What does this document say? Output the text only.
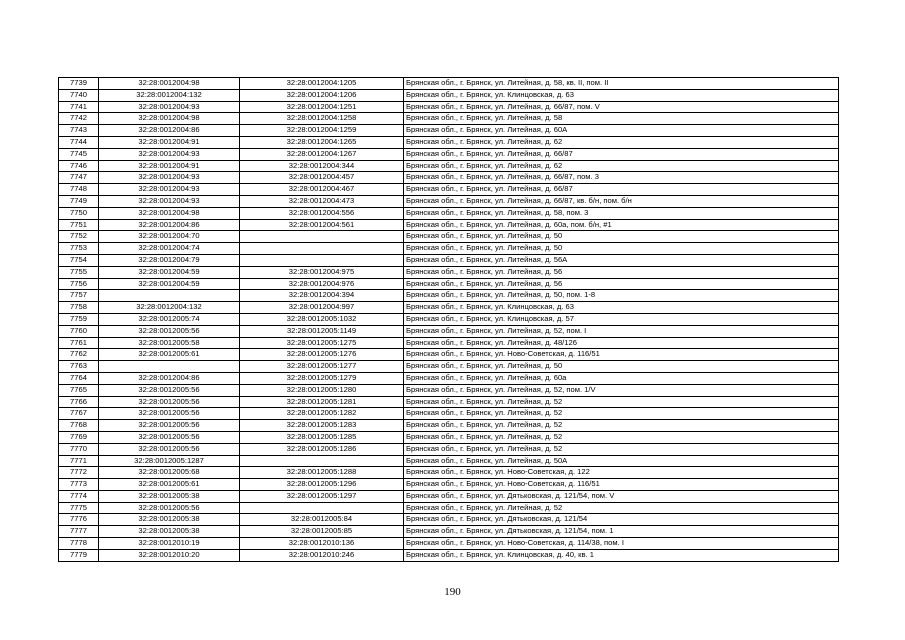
7739	32:28:0012004:98	32:28:0012004:1205	Брянская обл., г. Брянск, ул. Литейная, д. 58, кв. II, пом. II
7740	32:28:0012004:132	32:28:0012004:1206	Брянская обл., г. Брянск, ул. Клинцовская, д. 63
7741	32:28:0012004:93	32:28:0012004:1251	Брянская обл., г. Брянск, ул. Литейная, д. 66/87, пом. V
7742	32:28:0012004:98	32:28:0012004:1258	Брянская обл., г. Брянск, ул. Литейная, д. 58
7743	32:28:0012004:86	32:28:0012004:1259	Брянская обл., г. Брянск, ул. Литейная, д. 60А
7744	32:28:0012004:91	32:28:0012004:1265	Брянская обл., г. Брянск, ул. Литейная, д. 62
7745	32:28:0012004:93	32:28:0012004:1267	Брянская обл., г. Брянск, ул. Литейная, д. 66/87
7746	32:28:0012004:91	32:28:0012004:344	Брянская обл., г. Брянск, ул. Литейная, д. 62
7747	32:28:0012004:93	32:28:0012004:457	Брянская обл., г. Брянск, ул. Литейная, д. 66/87, пом. 3
7748	32:28:0012004:93	32:28:0012004:467	Брянская обл., г. Брянск, ул. Литейная, д. 66/87
7749	32:28:0012004:93	32:28:0012004:473	Брянская обл., г. Брянск, ул. Литейная, д. 66/87, кв. б/н, пом. б/н
7750	32:28:0012004:98	32:28:0012004:556	Брянская обл., г. Брянск, ул. Литейная, д. 58, пом. 3
7751	32:28:0012004:86	32:28:0012004:561	Брянская обл., г. Брянск, ул. Литейная, д. 60а, пом. б/н, #1
7752	32:28:0012004:70		Брянская обл., г. Брянск, ул. Литейная, д. 50
7753	32:28:0012004:74		Брянская обл., г. Брянск, ул. Литейная, д. 50
7754	32:28:0012004:79		Брянская обл., г. Брянск, ул. Литейная, д. 56А
7755	32:28:0012004:59	32:28:0012004:975	Брянская обл., г. Брянск, ул. Литейная, д. 56
7756	32:28:0012004:59	32:28:0012004:976	Брянская обл., г. Брянск, ул. Литейная, д. 56
7757		32:28:0012004:394	Брянская обл., г. Брянск, ул. Литейная, д. 50, пом. 1-8
7758	32:28:0012004:132	32:28:0012004:997	Брянская обл., г. Брянск, ул. Клинцовская, д. 63
7759	32:28:0012005:74	32:28:0012005:1032	Брянская обл., г. Брянск, ул. Клинцовская, д. 57
7760	32:28:0012005:56	32:28:0012005:1149	Брянская обл., г. Брянск, ул. Литейная, д. 52, пом. I
7761	32:28:0012005:58	32:28:0012005:1275	Брянская обл., г. Брянск, ул. Литейная, д. 48/126
7762	32:28:0012005:61	32:28:0012005:1276	Брянская обл., г. Брянск, ул. Ново-Советская, д. 116/51
7763		32:28:0012005:1277	Брянская обл., г. Брянск, ул. Литейная, д. 50
7764	32:28:0012004:86	32:28:0012005:1279	Брянская обл., г. Брянск, ул. Литейная, д. 60а
7765	32:28:0012005:56	32:28:0012005:1280	Брянская обл., г. Брянск, ул. Литейная, д. 52, пом. 1/V
7766	32:28:0012005:56	32:28:0012005:1281	Брянская обл., г. Брянск, ул. Литейная, д. 52
7767	32:28:0012005:56	32:28:0012005:1282	Брянская обл., г. Брянск, ул. Литейная, д. 52
7768	32:28:0012005:56	32:28:0012005:1283	Брянская обл., г. Брянск, ул. Литейная, д. 52
7769	32:28:0012005:56	32:28:0012005:1285	Брянская обл., г. Брянск, ул. Литейная, д. 52
7770	32:28:0012005:56	32:28:0012005:1286	Брянская обл., г. Брянск, ул. Литейная, д. 52
7771	32:28:0012005:1287		Брянская обл., г. Брянск, ул. Литейная, д. 50А
7772	32:28:0012005:68	32:28:0012005:1288	Брянская обл., г. Брянск, ул. Ново-Советская, д. 122
7773	32:28:0012005:61	32:28:0012005:1296	Брянская обл., г. Брянск, ул. Ново-Советская, д. 116/51
7774	32:28:0012005:38	32:28:0012005:1297	Брянская обл., г. Брянск, ул. Дятьковская, д. 121/54, пом. V
7775	32:28:0012005:56		Брянская обл., г. Брянск, ул. Литейная, д. 52
7776	32:28:0012005:38	32:28:0012005:84	Брянская обл., г. Брянск, ул. Дятьковская, д. 121/54
7777	32:28:0012005:38	32:28:0012005:85	Брянская обл., г. Брянск, ул. Дятьковская, д. 121/54, пом. 1
7778	32:28:0012010:19	32:28:0012010:136	Брянская обл., г. Брянск, ул. Ново-Советская, д. 114/38, пом. I
7779	32:28:0012010:20	32:28:0012010:246	Брянская обл., г. Брянск, ул. Клинцовская, д. 40, кв. 1
190
